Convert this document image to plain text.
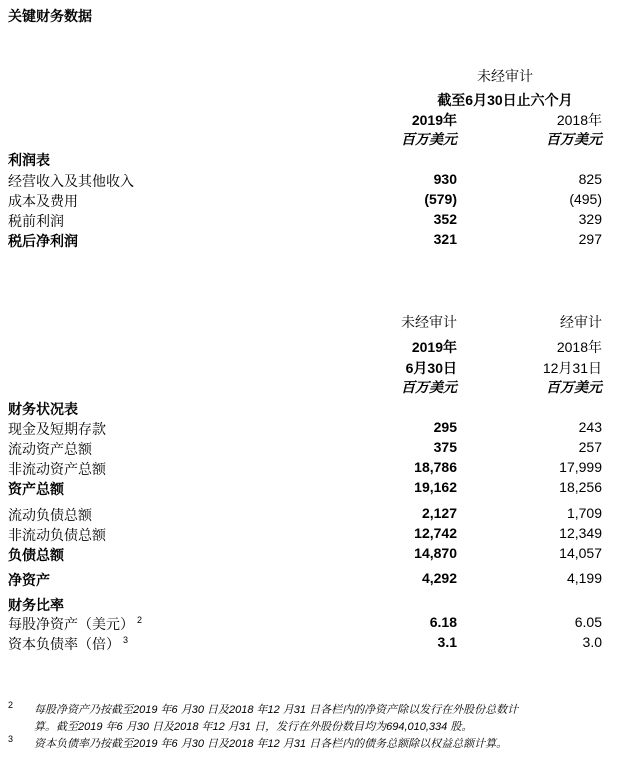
关键财务数据
未经审计
截至6月30日止六个月
2019年	2018年
百万美元	百万美元
利润表
经营收入及其他收入	930	825
成本及费用	(579)	(495)
税前利润	352	329
税后净利润	321	297
未经审计	经审计
2019年	2018年
6月30日	12月31日
百万美元	百万美元
财务状况表
现金及短期存款	295	243
流动资产总额	375	257
非流动资产总额	18,786	17,999
资产总额	19,162	18,256
流动负债总额	2,127	1,709
非流动负债总额	12,742	12,349
负债总额	14,870	14,057
净资产	4,292	4,199
财务比率
每股净资产（美元） $^2$	6.18	6.05
资本负债率（倍） $^3$	3.1	3.0
2 每股净资产乃按截至2019 年6 月30 日及2018 年12 月31 日各栏内的净资产除以发行在外股份总数计
算。截至2019 年6 月30 日及2018 年12 月31 日，发行在外股份数目均为694,010,334 股。
3 资本负债率乃按截至2019 年6 月30 日及2018 年12 月31 日各栏内的债务总额除以权益总额计算。
